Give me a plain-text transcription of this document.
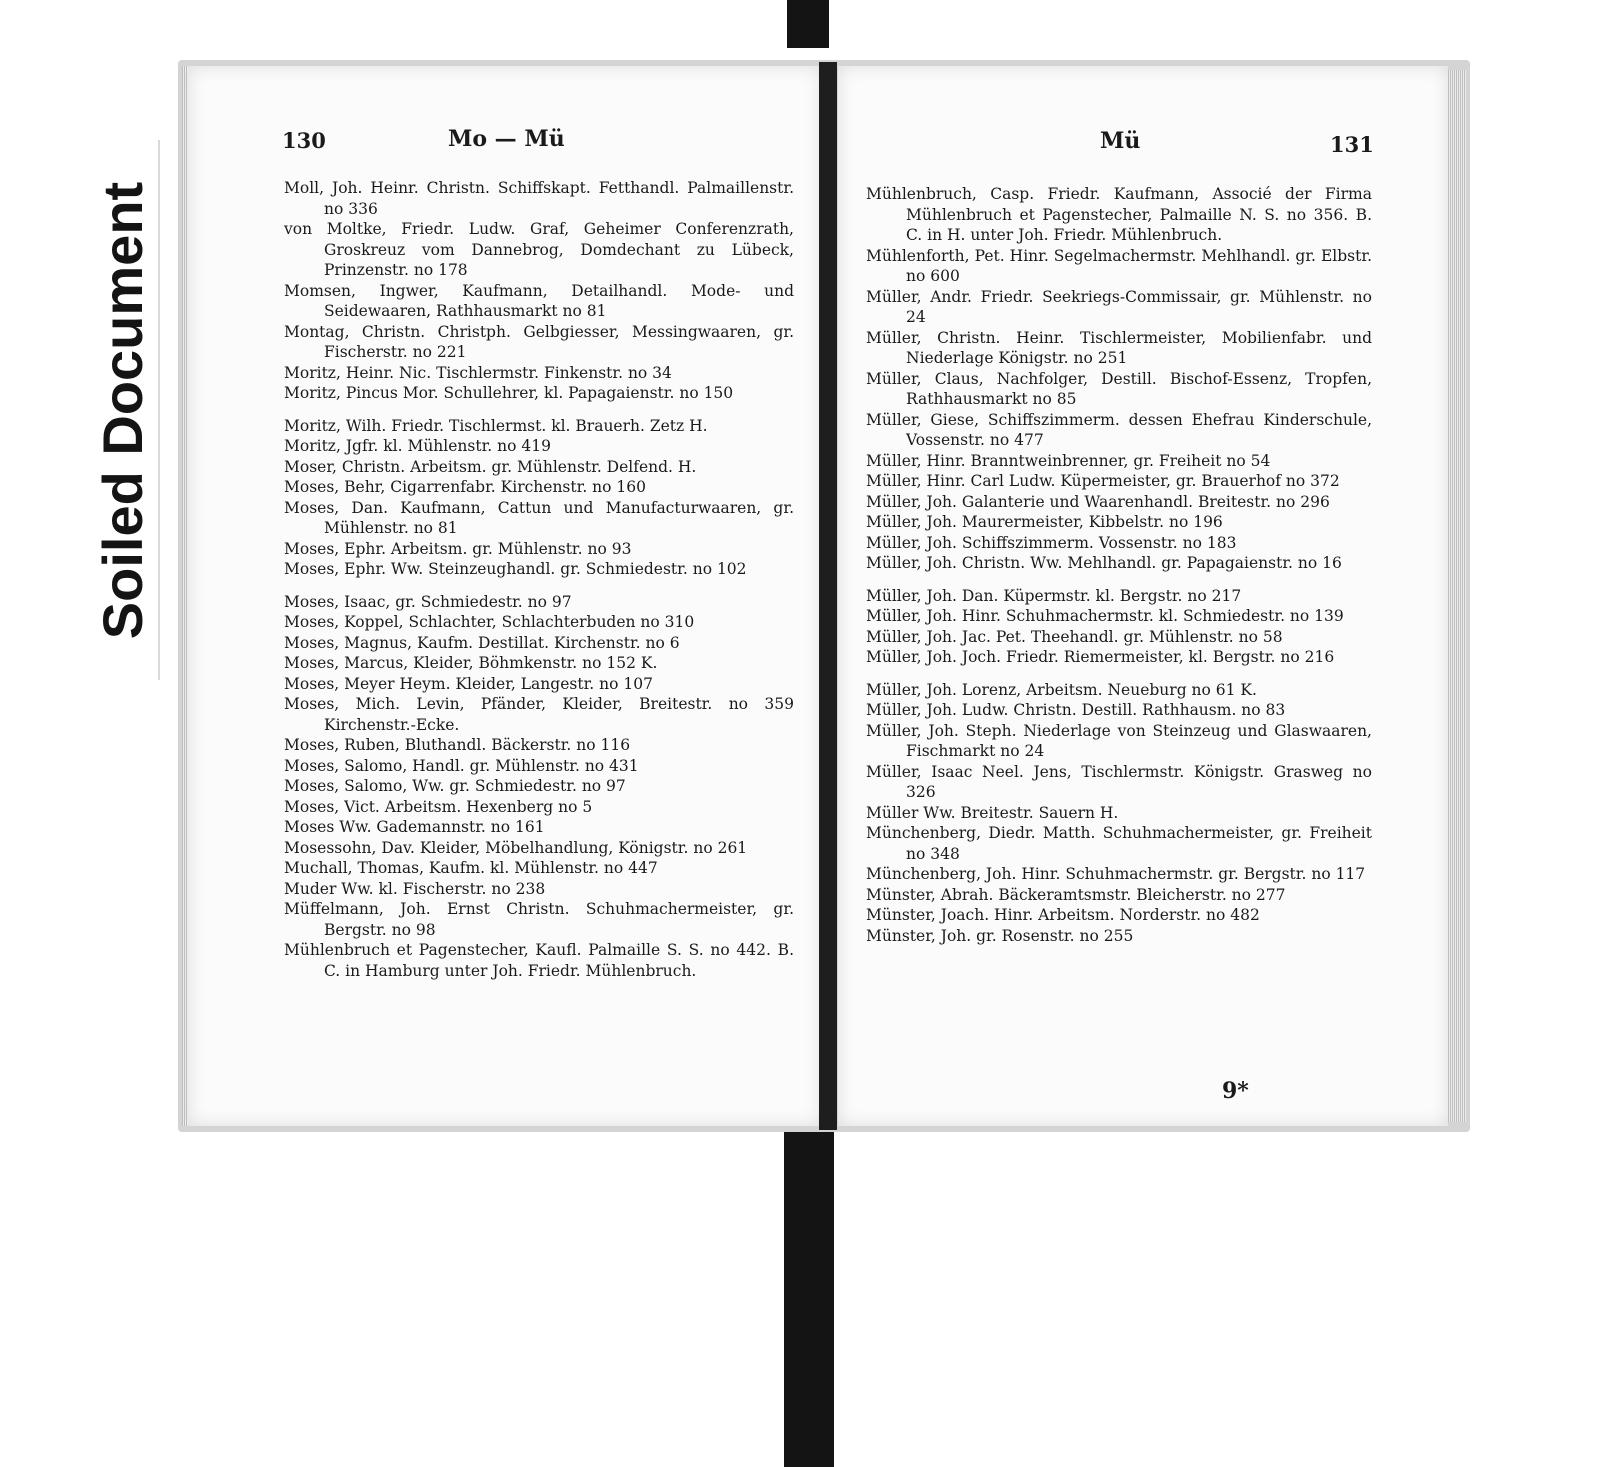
Soiled Document
130	Mo — Mü

Moll, Joh. Heinr. Christn. Schiffskapt. Fetthandl. Palmaillenstr. no 336

von Moltke, Friedr. Ludw. Graf, Geheimer Conferenzrath, Groskreuz vom Dannebrog, Domdechant zu Lübeck, Prinzenstr. no 178

Momsen, Ingwer, Kaufmann, Detailhandl. Mode- und Seidewaaren, Rathhausmarkt no 81

Montag, Christn. Christph. Gelbgiesser, Messingwaaren, gr. Fischerstr. no 221

Moritz, Heinr. Nic. Tischlermstr. Finkenstr. no 34

Moritz, Pincus Mor. Schullehrer, kl. Papagaienstr. no 150

Moritz, Wilh. Friedr. Tischlermst. kl. Brauerh. Zetz H.

Moritz, Jgfr. kl. Mühlenstr. no 419

Moser, Christn. Arbeitsm. gr. Mühlenstr. Delfend. H.

Moses, Behr, Cigarrenfabr. Kirchenstr. no 160

Moses, Dan. Kaufmann, Cattun und Manufacturwaaren, gr. Mühlenstr. no 81

Moses, Ephr. Arbeitsm. gr. Mühlenstr. no 93

Moses, Ephr. Ww. Steinzeughandl. gr. Schmiedestr. no 102

Moses, Isaac, gr. Schmiedestr. no 97

Moses, Koppel, Schlachter, Schlachterbuden no 310

Moses, Magnus, Kaufm. Destillat. Kirchenstr. no 6

Moses, Marcus, Kleider, Böhmkenstr. no 152 K.

Moses, Meyer Heym. Kleider, Langestr. no 107

Moses, Mich. Levin, Pfänder, Kleider, Breitestr. no 359 Kirchenstr.-Ecke.

Moses, Ruben, Bluthandl. Bäckerstr. no 116

Moses, Salomo, Handl. gr. Mühlenstr. no 431

Moses, Salomo, Ww. gr. Schmiedestr. no 97

Moses, Vict. Arbeitsm. Hexenberg no 5

Moses Ww. Gademannstr. no 161

Mosessohn, Dav. Kleider, Möbelhandlung, Königstr. no 261

Muchall, Thomas, Kaufm. kl. Mühlenstr. no 447

Muder Ww. kl. Fischerstr. no 238

Müffelmann, Joh. Ernst Christn. Schuhmachermeister, gr. Bergstr. no 98

Mühlenbruch et Pagenstecher, Kaufl. Palmaille S. S. no 442. B. C. in Hamburg unter Joh. Friedr. Mühlenbruch.

Mü	131

Mühlenbruch, Casp. Friedr. Kaufmann, Associé der Firma Mühlenbruch et Pagenstecher, Palmaille N. S. no 356. B. C. in H. unter Joh. Friedr. Mühlenbruch.

Mühlenforth, Pet. Hinr. Segelmachermstr. Mehlhandl. gr. Elbstr. no 600

Müller, Andr. Friedr. Seekriegs-Commissair, gr. Mühlenstr. no 24

Müller, Christn. Heinr. Tischlermeister, Mobilienfabr. und Niederlage Königstr. no 251

Müller, Claus, Nachfolger, Destill. Bischof-Essenz, Tropfen, Rathhausmarkt no 85

Müller, Giese, Schiffszimmerm. dessen Ehefrau Kinderschule, Vossenstr. no 477

Müller, Hinr. Branntweinbrenner, gr. Freiheit no 54

Müller, Hinr. Carl Ludw. Küpermeister, gr. Brauerhof no 372

Müller, Joh. Galanterie und Waarenhandl. Breitestr. no 296

Müller, Joh. Maurermeister, Kibbelstr. no 196

Müller, Joh. Schiffszimmerm. Vossenstr. no 183

Müller, Joh. Christn. Ww. Mehlhandl. gr. Papagaienstr. no 16

Müller, Joh. Dan. Küpermstr. kl. Bergstr. no 217

Müller, Joh. Hinr. Schuhmachermstr. kl. Schmiedestr. no 139

Müller, Joh. Jac. Pet. Theehandl. gr. Mühlenstr. no 58

Müller, Joh. Joch. Friedr. Riemermeister, kl. Bergstr. no 216

Müller, Joh. Lorenz, Arbeitsm. Neueburg no 61 K.

Müller, Joh. Ludw. Christn. Destill. Rathhausm. no 83

Müller, Joh. Steph. Niederlage von Steinzeug und Glaswaaren, Fischmarkt no 24

Müller, Isaac Neel. Jens, Tischlermstr. Königstr. Grasweg no 326

Müller Ww. Breitestr. Sauern H.

Münchenberg, Diedr. Matth. Schuhmachermeister, gr. Freiheit no 348

Münchenberg, Joh. Hinr. Schuhmachermstr. gr. Bergstr. no 117

Münster, Abrah. Bäckeramtsmstr. Bleicherstr. no 277

Münster, Joach. Hinr. Arbeitsm. Norderstr. no 482

Münster, Joh. gr. Rosenstr. no 255

9*
